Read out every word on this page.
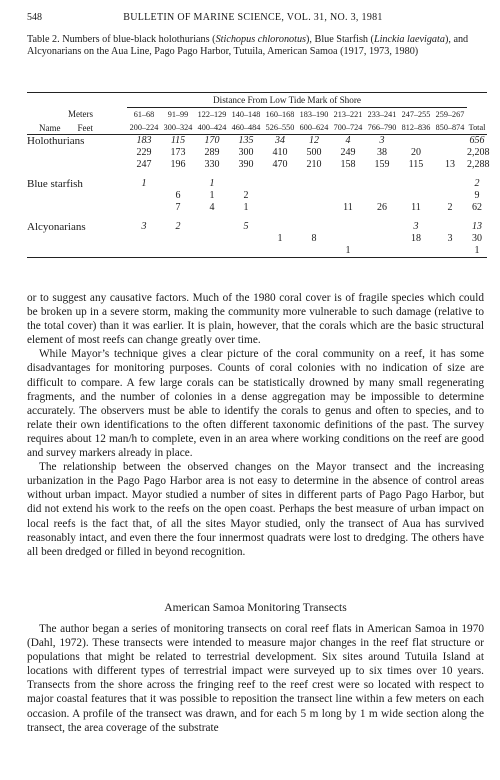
548	BULLETIN OF MARINE SCIENCE, VOL. 31, NO. 3, 1981
Table 2. Numbers of blue-black holothurians (Stichopus chloronotus), Blue Starfish (Linckia laevigata), and Alcyonarians on the Aua Line, Pago Pago Harbor, Tutuila, American Samoa (1917, 1973, 1980)
Distance From Low Tide Mark of Shore												
Meters		61–68	91–99	122–129	140–148	160–168	183–190	213–221	233–241	247–255	259–267	
Name Feet		200–224	300–324	400–424	460–484	526–550	600–624	700–724	766–790	812–836	850–874	Total
Holothurians		183	115	170	135	34	12	4	3			656
		229	173	289	300	410	500	249	38	20		2,208
		247	196	330	390	470	210	158	159	115	13	2,288

Blue starfish		1		1								2
			6	1	2							9
			7	4	1			11	26	11	2	62

Alcyonarians		3	2		5					3		13
						1	8			18	3	30
								1				1

or to suggest any causative factors. Much of the 1980 coral cover is of fragile species which could be broken up in a severe storm, making the community more vulnerable to such damage (relative to the total cover) than it was earlier. It is plain, however, that the corals which are the basic structural element of most reefs can change greatly over time.

While Mayor’s technique gives a clear picture of the coral community on a reef, it has some disadvantages for monitoring purposes. Counts of coral colonies with no indication of size are difficult to compare. A few large corals can be statistically drowned by many small regenerating fragments, and the number of colonies in a dense aggregation may be impossible to determine accurately. The observers must be able to identify the corals to genus and often to species, and to relate their own identifications to the often different taxonomic definitions of the past. The survey requires about 12 man/h to complete, even in an area where working conditions on the reef are good and survey markers already in place.

The relationship between the observed changes on the Mayor transect and the increasing urbanization in the Pago Pago Harbor area is not easy to determine in the absence of control areas without urban impact. Mayor studied a number of sites in different parts of Pago Pago Harbor, but did not extend his work to the reefs on the open coast. Perhaps the best measure of urban impact on local reefs is the fact that, of all the sites Mayor studied, only the transect of Aua has survived reasonably intact, and even there the four innermost quadrats were lost to dredging. The others have all been dredged or filled in beyond recognition.

American Samoa Monitoring Transects

The author began a series of monitoring transects on coral reef flats in American Samoa in 1970 (Dahl, 1972). These transects were intended to measure major changes in the reef flat structure or populations that might be related to terrestrial development. Six sites around Tutuila Island at locations with different types of terrestrial impact were surveyed up to six times over 10 years. Transects from the shore across the fringing reef to the reef crest were so located with respect to major coastal features that it was possible to reposition the transect line within a few meters on each occasion. A profile of the transect was drawn, and for each 5 m long by 1 m wide section along the transect, the area coverage of the substrate
